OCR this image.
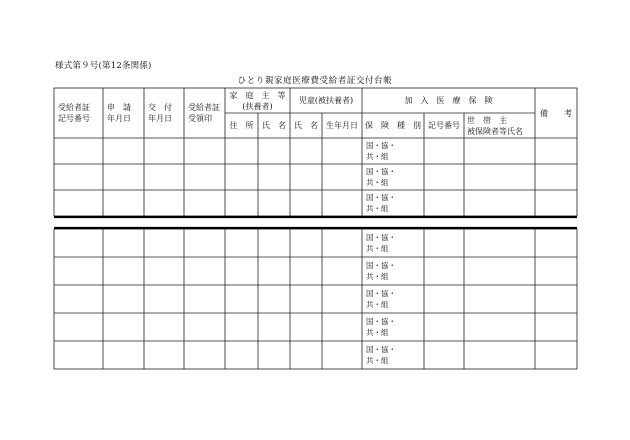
様式第９号(第12条関係)
ひとり親家庭医療費受給者証交付台帳
受給者証
記号番号
申　請
年月日
交　付
年月日
受給者証
受領印
家　庭　主　等
(扶養者)
住　所	氏　名
児童(被扶養者)
氏　名	生年月日
加　入　医　療　保　険
保　険　種　別 記号番号
世　帯　主
被保険者等氏名
備　　考
国・協・
共・組
国・協・
共・組
国・協・
共・組
国・協・
共・組
国・協・
共・組
国・協・
共・組
国・協・
共・組
国・協・
共・組
